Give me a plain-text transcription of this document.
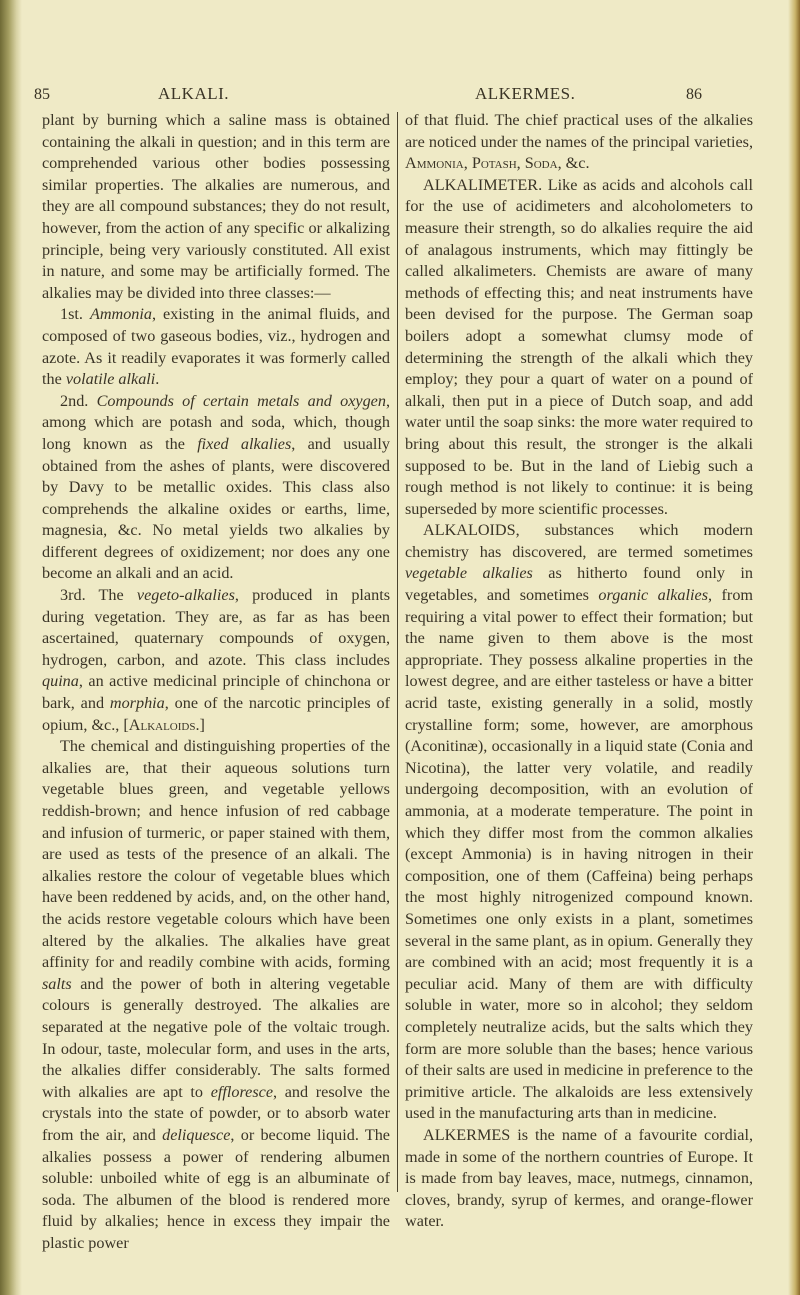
85	ALKALI.	ALKERMES.	86

plant by burning which a saline mass is obtained containing the alkali in question; and in this term are comprehended various other bodies possessing similar properties. The alkalies are numerous, and they are all compound substances; they do not result, however, from the action of any specific or alkalizing principle, being very variously constituted. All exist in nature, and some may be artificially formed. The alkalies may be divided into three classes:—

1st. Ammonia, existing in the animal fluids, and composed of two gaseous bodies, viz., hydrogen and azote. As it readily evaporates it was formerly called the volatile alkali.

2nd. Compounds of certain metals and oxygen, among which are potash and soda, which, though long known as the fixed alkalies, and usually obtained from the ashes of plants, were discovered by Davy to be metallic oxides. This class also comprehends the alkaline oxides or earths, lime, magnesia, &c. No metal yields two alkalies by different degrees of oxidizement; nor does any one become an alkali and an acid.

3rd. The vegeto-alkalies, produced in plants during vegetation. They are, as far as has been ascertained, quaternary compounds of oxygen, hydrogen, carbon, and azote. This class includes quina, an active medicinal principle of chinchona or bark, and morphia, one of the narcotic principles of opium, &c., [Alkaloids.]

The chemical and distinguishing properties of the alkalies are, that their aqueous solutions turn vegetable blues green, and vegetable yellows reddish-brown; and hence infusion of red cabbage and infusion of turmeric, or paper stained with them, are used as tests of the presence of an alkali. The alkalies restore the colour of vegetable blues which have been reddened by acids, and, on the other hand, the acids restore vegetable colours which have been altered by the alkalies. The alkalies have great affinity for and readily combine with acids, forming salts and the power of both in altering vegetable colours is generally destroyed. The alkalies are separated at the negative pole of the voltaic trough. In odour, taste, molecular form, and uses in the arts, the alkalies differ considerably. The salts formed with alkalies are apt to effloresce, and resolve the crystals into the state of powder, or to absorb water from the air, and deliquesce, or become liquid. The alkalies possess a power of rendering albumen soluble: unboiled white of egg is an albuminate of soda. The albumen of the blood is rendered more fluid by alkalies; hence in excess they impair the plastic power

of that fluid. The chief practical uses of the alkalies are noticed under the names of the principal varieties, Ammonia, Potash, Soda, &c.

ALKALIMETER. Like as acids and alcohols call for the use of acidimeters and alcoholometers to measure their strength, so do alkalies require the aid of analagous instruments, which may fittingly be called alkalimeters. Chemists are aware of many methods of effecting this; and neat instruments have been devised for the purpose. The German soap boilers adopt a somewhat clumsy mode of determining the strength of the alkali which they employ; they pour a quart of water on a pound of alkali, then put in a piece of Dutch soap, and add water until the soap sinks: the more water required to bring about this result, the stronger is the alkali supposed to be. But in the land of Liebig such a rough method is not likely to continue: it is being superseded by more scientific processes.

ALKALOIDS, substances which modern chemistry has discovered, are termed sometimes vegetable alkalies as hitherto found only in vegetables, and sometimes organic alkalies, from requiring a vital power to effect their formation; but the name given to them above is the most appropriate. They possess alkaline properties in the lowest degree, and are either tasteless or have a bitter acrid taste, existing generally in a solid, mostly crystalline form; some, however, are amorphous (Aconitinæ), occasionally in a liquid state (Conia and Nicotina), the latter very volatile, and readily undergoing decomposition, with an evolution of ammonia, at a moderate temperature. The point in which they differ most from the common alkalies (except Ammonia) is in having nitrogen in their composition, one of them (Caffeina) being perhaps the most highly nitrogenized compound known. Sometimes one only exists in a plant, sometimes several in the same plant, as in opium. Generally they are combined with an acid; most frequently it is a peculiar acid. Many of them are with difficulty soluble in water, more so in alcohol; they seldom completely neutralize acids, but the salts which they form are more soluble than the bases; hence various of their salts are used in medicine in preference to the primitive article. The alkaloids are less extensively used in the manufacturing arts than in medicine.

ALKERMES is the name of a favourite cordial, made in some of the northern countries of Europe. It is made from bay leaves, mace, nutmegs, cinnamon, cloves, brandy, syrup of kermes, and orange-flower water.
